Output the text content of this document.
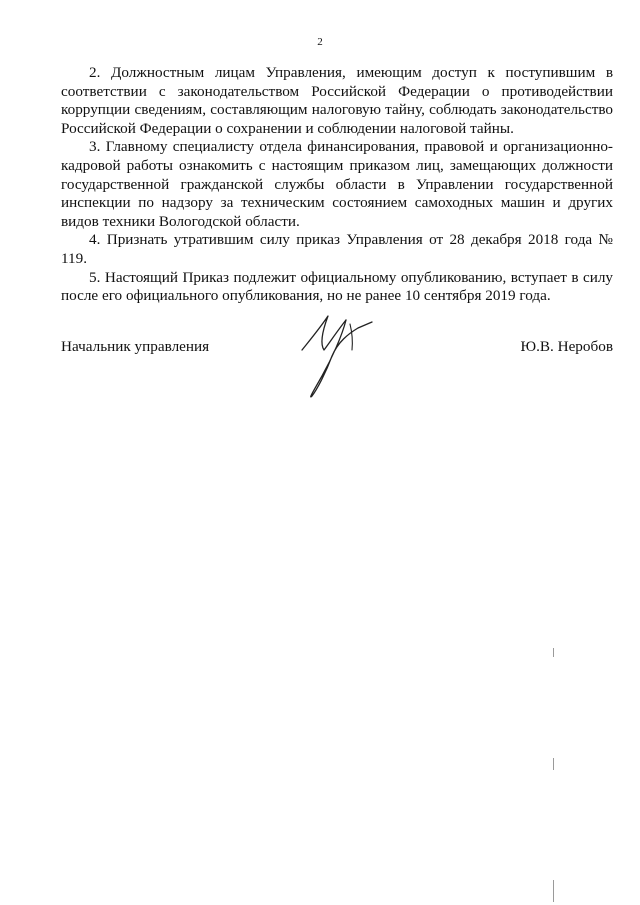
2

2. Должностным лицам Управления, имеющим доступ к поступившим в соответствии с законодательством Российской Федерации о противодействии коррупции сведениям, составляющим налоговую тайну, соблюдать законодательство Российской Федерации о сохранении и соблюдении налоговой тайны.

3. Главному специалисту отдела финансирования, правовой и организационно-кадровой работы ознакомить с настоящим приказом лиц, замещающих должности государственной гражданской службы области в Управлении государственной инспекции по надзору за техническим состоянием самоходных машин и других видов техники Вологодской области.

4. Признать утратившим силу приказ Управления от 28 декабря 2018 года № 119.

5. Настоящий Приказ подлежит официальному опубликованию, вступает в силу после его официального опубликования, но не ранее 10 сентября 2019 года.

Начальник управления	Ю.В. Неробов
